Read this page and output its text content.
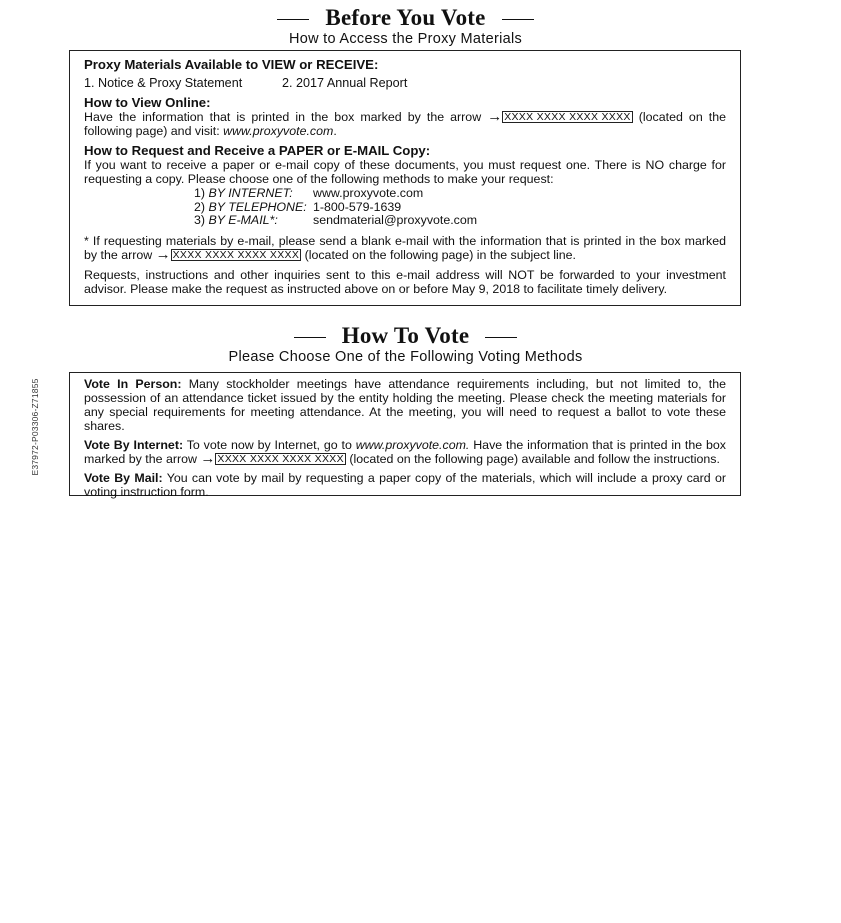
Before You Vote
How to Access the Proxy Materials

Proxy Materials Available to VIEW or RECEIVE:

1. Notice & Proxy Statement	2. 2017 Annual Report

How to View Online:

Have the information that is printed in the box marked by the arrow → XXXX XXXX XXXX XXXX (located on the following page) and visit: www.proxyvote.com.

How to Request and Receive a PAPER or E-MAIL Copy:

If you want to receive a paper or e-mail copy of these documents, you must request one. There is NO charge for requesting a copy. Please choose one of the following methods to make your request:

1) BY INTERNET:	www.proxyvote.com
2) BY TELEPHONE: 1-800-579-1639
3) BY E-MAIL*:	sendmaterial@proxyvote.com

* If requesting materials by e-mail, please send a blank e-mail with the information that is printed in the box marked by the arrow → XXXX XXXX XXXX XXXX (located on the following page) in the subject line.

Requests, instructions and other inquiries sent to this e-mail address will NOT be forwarded to your investment advisor. Please make the request as instructed above on or before May 9, 2018 to facilitate timely delivery.

How To Vote
Please Choose One of the Following Voting Methods

Vote In Person: Many stockholder meetings have attendance requirements including, but not limited to, the possession of an attendance ticket issued by the entity holding the meeting. Please check the meeting materials for any special requirements for meeting attendance. At the meeting, you will need to request a ballot to vote these shares.

Vote By Internet: To vote now by Internet, go to www.proxyvote.com. Have the information that is printed in the box marked by the arrow → XXXX XXXX XXXX XXXX (located on the following page) available and follow the instructions.

Vote By Mail: You can vote by mail by requesting a paper copy of the materials, which will include a proxy card or voting instruction form.

E37972-P03306-Z71855
